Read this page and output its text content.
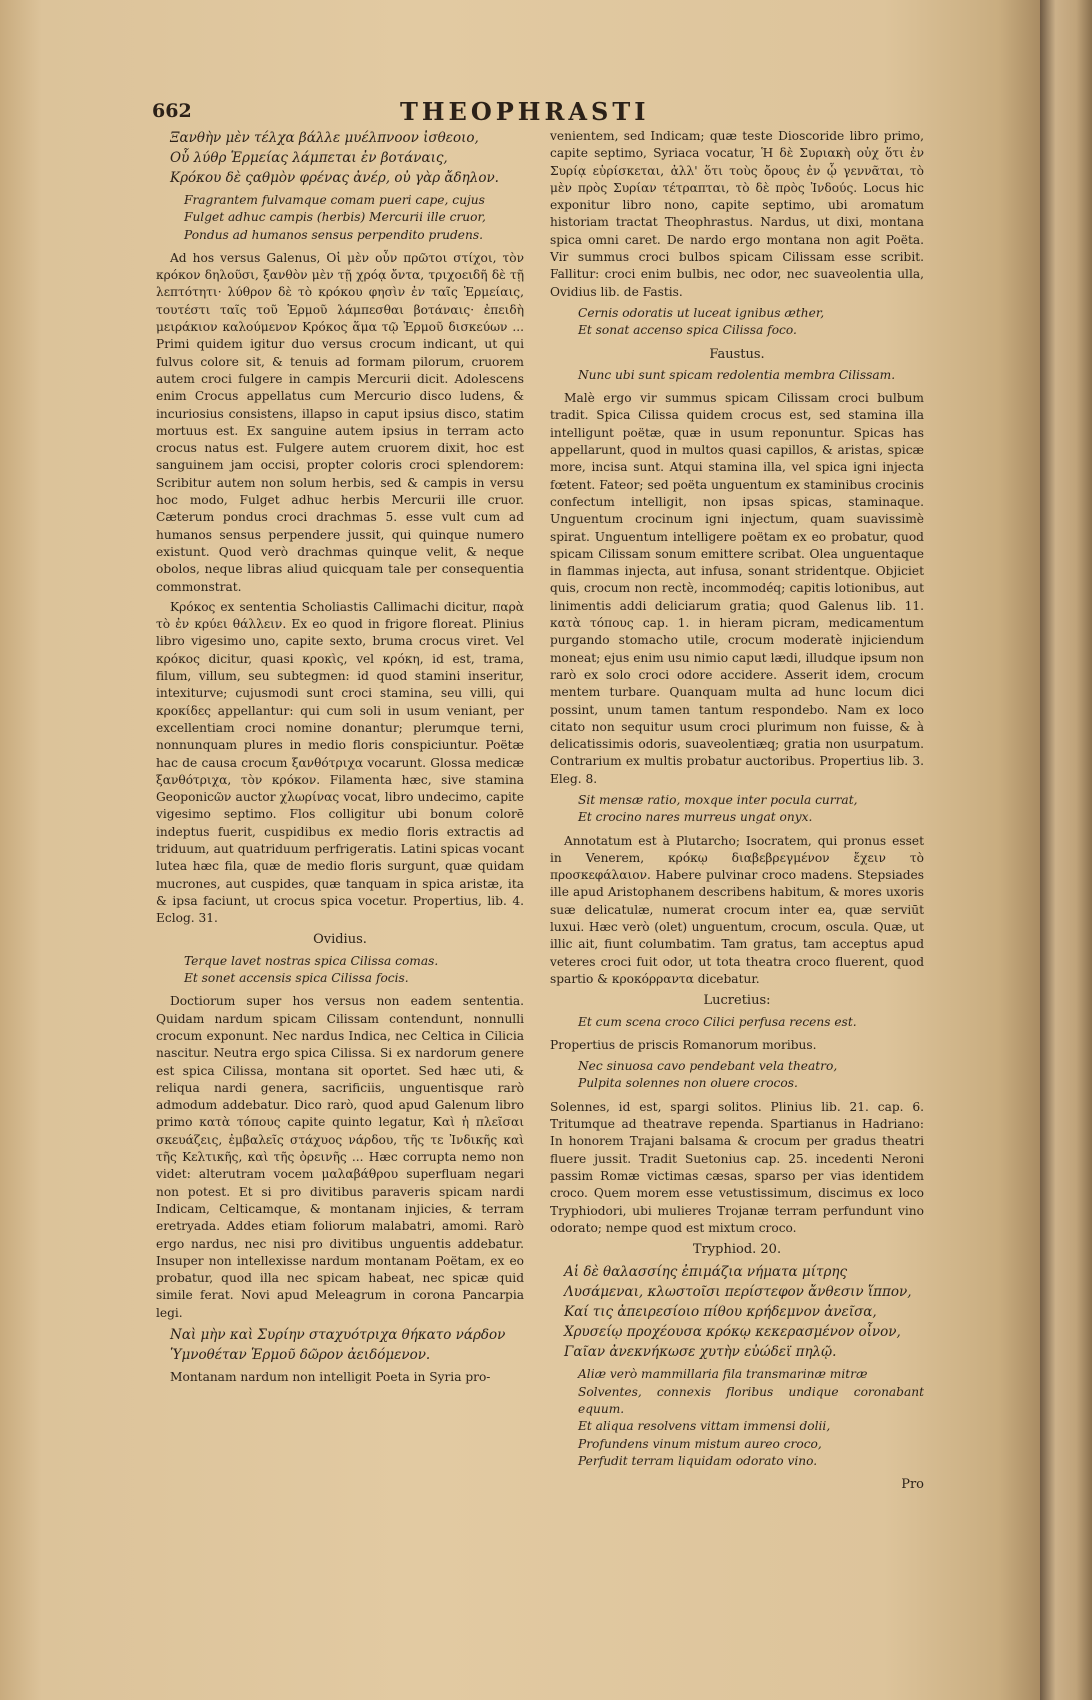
662	THEOPHRASTI
Ξανθὴν μὲν τέλχα βάλλε μυέλπνοον ἰσθεοιο,
Οὗ λύθρ Ἑρμείας λάμπεται ἐν βοτάναις,
Κρόκου δὲ ςαθμὸν φρένας ἀνέρ, οὐ γὰρ ἄδηλον.
Fragrantem fulvamque comam pueri cape, cujus
Fulget adhuc campis (herbis) Mercurii ille cruor,
Pondus ad humanos sensus perpendito prudens.

Ad hos versus Galenus, Οἱ μὲν οὖν πρῶτοι στίχοι, τὸν κρόκον δηλοῦσι, ξανθὸν μὲν τῇ χρόᾳ ὄντα, τριχοειδῆ δὲ τῇ λεπτότητι· λύθρον δὲ τὸ κρόκου φησὶν ἐν ταῖς Ἑρμείαις, τουτέστι ταῖς τοῦ Ἑρμοῦ λάμπεσθαι βοτάναις· ἐπειδὴ μειράκιον καλούμενον Κρόκος ἅμα τῷ Ἑρμοῦ δισκεύων ... Primi quidem igitur duo versus crocum indicant, ut qui fulvus colore sit, & tenuis ad formam pilorum, cruorem autem croci fulgere in campis Mercurii dicit. Adolescens enim Crocus appellatus cum Mercurio disco ludens, & incuriosius consistens, illapso in caput ipsius disco, statim mortuus est. Ex sanguine autem ipsius in terram acto crocus natus est. Fulgere autem cruorem dixit, hoc est sanguinem jam occisi, propter coloris croci splendorem: Scribitur autem non solum herbis, sed & campis in versu hoc modo, Fulget adhuc herbis Mercurii ille cruor. Cæterum pondus croci drachmas 5. esse vult cum ad humanos sensus perpendere jussit, qui quinque numero existunt. Quod verò drachmas quinque velit, & neque obolos, neque libras aliud quicquam tale per consequentia commonstrat.

Κρόκος ex sententia Scholiastis Callimachi dicitur, παρὰ τὸ ἐν κρύει θάλλειν. Ex eo quod in frigore floreat. Plinius libro vigesimo uno, capite sexto, bruma crocus viret. Vel κρόκος dicitur, quasi κρoκὶς, vel κρόκη, id est, trama, filum, villum, seu subtegmen: id quod stamini inseritur, intexiturve; cujusmodi sunt croci stamina, seu villi, qui κροκίδες appellantur: qui cum soli in usum veniant, per excellentiam croci nomine donantur; plerumque terni, nonnunquam plures in medio floris conspiciuntur. Poëtæ hac de causa crocum ξανθότριχα vocarunt. Glossa medicæ ξανθότριχα, τὸν κρόκον. Filamenta hæc, sive stamina Geoponicῶν auctor χλωρίνας vocat, libro undecimo, capite vigesimo septimo. Flos colligitur ubi bonum colorē indeptus fuerit, cuspidibus ex medio floris extractis ad triduum, aut quatriduum perfrigeratis. Latini spicas vocant lutea hæc fila, quæ de medio floris surgunt, quæ quidam mucrones, aut cuspides, quæ tanquam in spica aristæ, ita & ipsa faciunt, ut crocus spica vocetur. Propertius, lib. 4. Eclog. 31.

Ovidius.
Terque lavet nostras spica Cilissa comas.
Et sonet accensis spica Cilissa focis.

Doctiorum super hos versus non eadem sententia. Quidam nardum spicam Cilissam contendunt, nonnulli crocum exponunt. Nec nardus Indica, nec Celtica in Cilicia nascitur. Neutra ergo spica Cilissa. Si ex nardorum genere est spica Cilissa, montana sit oportet. Sed hæc uti, & reliqua nardi genera, sacrificiis, unguentisque rarò admodum addebatur. Dico rarò, quod apud Galenum libro primo κατὰ τόπους capite quinto legatur, Καὶ ἡ πλεῖσαι σκευάζεις, ἐμβαλεῖς στάχυος νάρδου, τῆς τε Ἰνδικῆς καὶ τῆς Κελτικῆς, καὶ τῆς ὀρεινῆς ... Hæc corrupta nemo non videt: alterutram vocem μαλαβάθρου superfluam negari non potest. Et si pro divitibus paraveris spicam nardi Indicam, Celticamque, & montanam injicies, & terram eretryada. Addes etiam foliorum malabatri, amomi. Rarò ergo nardus, nec nisi pro divitibus unguentis addebatur. Insuper non intellexisse nardum montanam Poëtam, ex eo probatur, quod illa nec spicam habeat, nec spicæ quid simile ferat. Novi apud Meleagrum in corona Pancarpia legi.

Ναὶ μὴν καὶ Συρίην σταχυότριχα θήκατο νάρδον
Ὑμνοθέταν Ἑρμοῦ δῶρον ἀειδόμενον.

Montanam nardum non intelligit Poeta in Syria pro-

venientem, sed Indicam; quæ teste Dioscoride libro primo, capite septimo, Syriaca vocatur, Ἡ δὲ Συριακὴ οὐχ ὅτι ἐν Συρίᾳ εὑρίσκεται, ἀλλ' ὅτι τοὺς ὄρους ἐν ᾧ γεννᾶται, τὸ μὲν πρὸς Συρίαν τέτραπται, τὸ δὲ πρὸς Ἰνδούς. Locus hic exponitur libro nono, capite septimo, ubi aromatum historiam tractat Theophrastus. Nardus, ut dixi, montana spica omni caret. De nardo ergo montana non agit Poëta. Vir summus croci bulbos spicam Cilissam esse scribit. Fallitur: croci enim bulbis, nec odor, nec suaveolentia ulla, Ovidius lib. de Fastis.

Cernis odoratis ut luceat ignibus æther,
Et sonat accenso spica Cilissa foco.
Faustus.
Nunc ubi sunt spicam redolentia membra Cilissam.

Malè ergo vir summus spicam Cilissam croci bulbum tradit. Spica Cilissa quidem crocus est, sed stamina illa intelligunt poëtæ, quæ in usum reponuntur. Spicas has appellarunt, quod in multos quasi capillos, & aristas, spicæ more, incisa sunt. Atqui stamina illa, vel spica igni injecta fœtent. Fateor; sed poëta unguentum ex staminibus crocinis confectum intelligit, non ipsas spicas, staminaque. Unguentum crocinum igni injectum, quam suavissimè spirat. Unguentum intelligere poëtam ex eo probatur, quod spicam Cilissam sonum emittere scribat. Olea unguentaque in flammas injecta, aut infusa, sonant stridentque. Objiciet quis, crocum non rectè, incommodéq; capitis lotionibus, aut linimentis addi deliciarum gratia; quod Galenus lib. 11. κατὰ τόπους cap. 1. in hieram picram, medicamentum purgando stomacho utile, crocum moderatè injiciendum moneat; ejus enim usu nimio caput lædi, illudque ipsum non rarò ex solo croci odore accidere. Asserit idem, crocum mentem turbare. Quanquam multa ad hunc locum dici possint, unum tamen tantum respondebo. Nam ex loco citato non sequitur usum croci plurimum non fuisse, & à delicatissimis odoris, suaveolentiæq; gratia non usurpatum. Contrarium ex multis probatur auctoribus. Propertius lib. 3. Eleg. 8.

Sit mensæ ratio, moxque inter pocula currat,
Et crocino nares murreus ungat onyx.

Annotatum est à Plutarcho; Isocratem, qui pronus esset in Venerem, κρόκῳ διαβεβρεγμένον ἔχειν τὸ προσκεφάλαιον. Habere pulvinar croco madens. Stepsiades ille apud Aristophanem describens habitum, & mores uxoris suæ delicatulæ, numerat crocum inter ea, quæ serviūt luxui. Hæc verò (olet) unguentum, crocum, oscula. Quæ, ut illic ait, fiunt columbatim. Tam gratus, tam acceptus apud veteres croci fuit odor, ut tota theatra croco fluerent, quod spartio & κροκόρραντα dicebatur.

Lucretius:
Et cum scena croco Cilici perfusa recens est.

Propertius de priscis Romanorum moribus.

Nec sinuosa cavo pendebant vela theatro,
Pulpita solennes non oluere crocos.

Solennes, id est, spargi solitos. Plinius lib. 21. cap. 6. Tritumque ad theatrave rependa. Spartianus in Hadriano: In honorem Trajani balsama & crocum per gradus theatri fluere jussit. Tradit Suetonius cap. 25. incedenti Neroni passim Romæ victimas cæsas, sparso per vias identidem croco. Quem morem esse vetustissimum, discimus ex loco Tryphiodori, ubi mulieres Trojanæ terram perfundunt vino odorato; nempe quod est mixtum croco.

Tryphiod. 20.
Αἱ δὲ θαλασσίης ἐπιμάζια νήματα μίτρης
Λυσάμεναι, κλωστοῖσι περίστεφον ἄνθεσιν ἵππον,
Καί τις ἀπειρεσίοιο πίθου κρήδεμνον ἀνεῖσα,
Χρυσείῳ προχέουσα κρόκῳ κεκερασμένον οἶνον,
Γαῖαν ἀνεκνήκωσε χυτὴν εὐώδεϊ πηλῷ.
Aliæ verò mammillaria fila transmarinæ mitræ
Solventes, connexis floribus undique coronabant equum.
Et aliqua resolvens vittam immensi dolii,
Profundens vinum mistum aureo croco,
Perfudit terram liquidam odorato vino.
Pro
